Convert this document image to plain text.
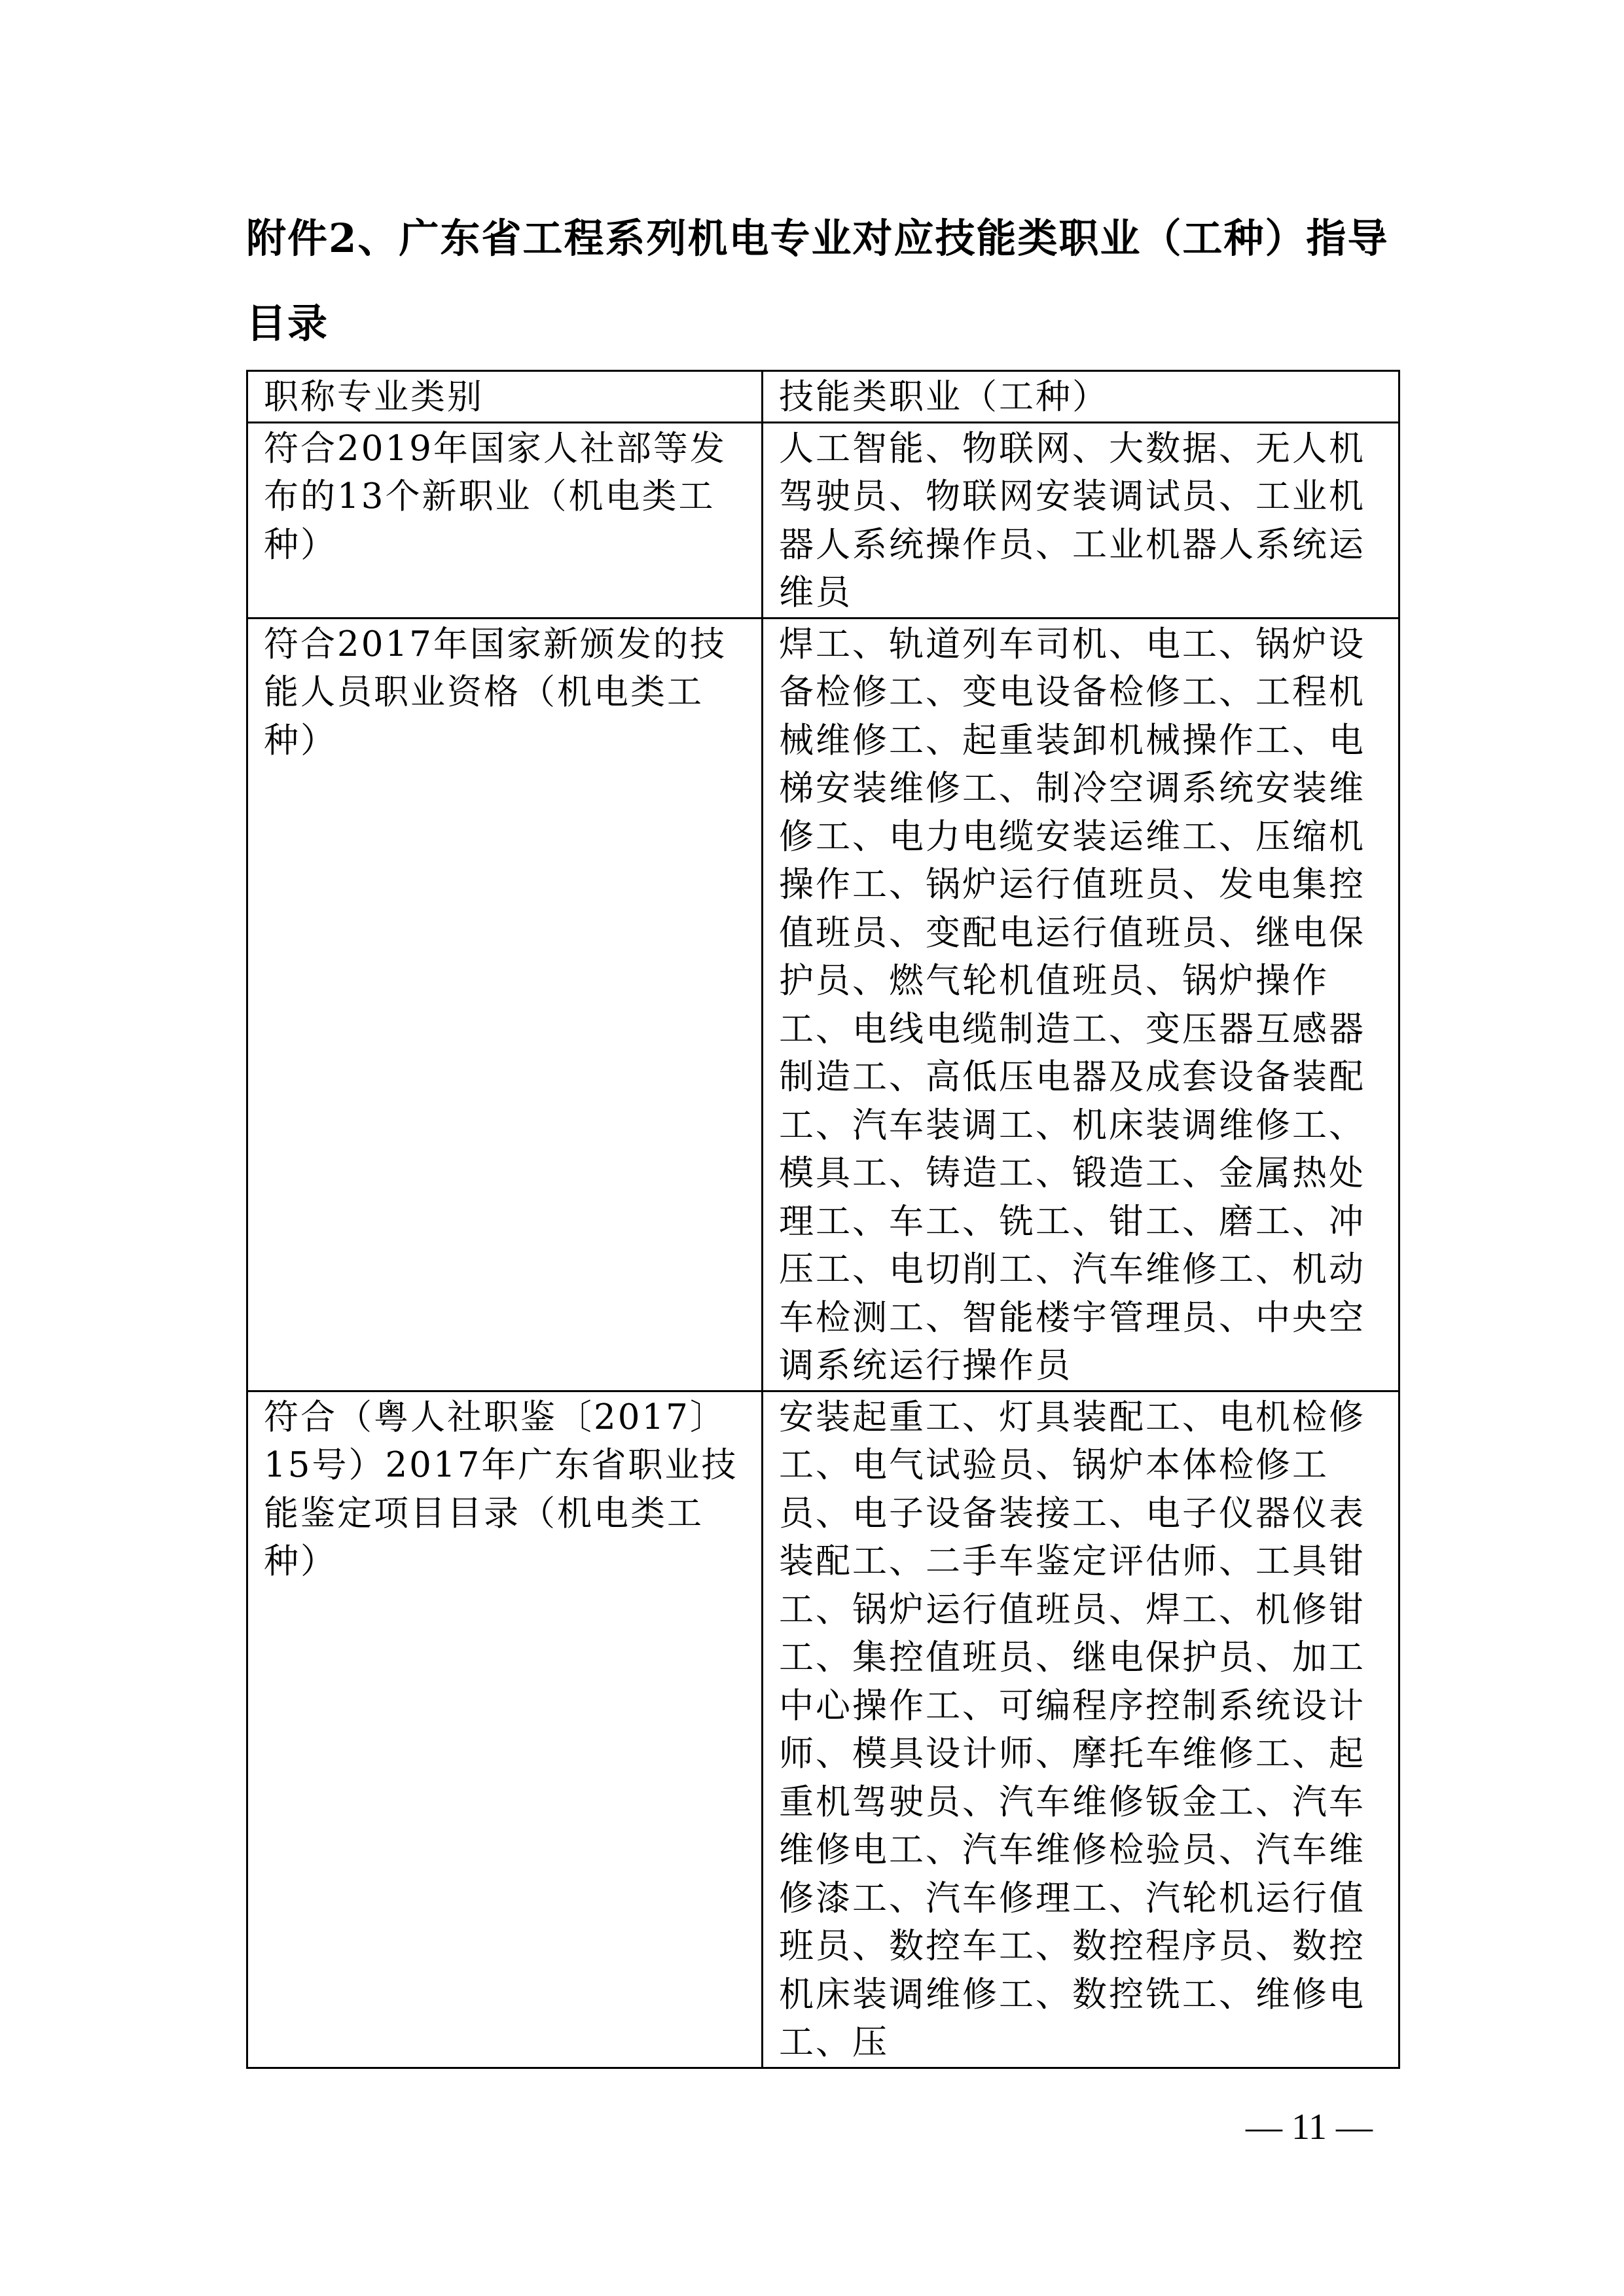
附件2、广东省工程系列机电专业对应技能类职业（工种）指导目录
职称专业类别	技能类职业（工种）
符合2019年国家人社部等发布的13个新职业（机电类工种）	人工智能、物联网、大数据、无人机驾驶员、物联网安装调试员、工业机器人系统操作员、工业机器人系统运维员
符合2017年国家新颁发的技能人员职业资格（机电类工种）	焊工、轨道列车司机、电工、锅炉设备检修工、变电设备检修工、工程机械维修工、起重装卸机械操作工、电梯安装维修工、制冷空调系统安装维修工、电力电缆安装运维工、压缩机操作工、锅炉运行值班员、发电集控值班员、变配电运行值班员、继电保护员、燃气轮机值班员、锅炉操作工、电线电缆制造工、变压器互感器制造工、高低压电器及成套设备装配工、汽车装调工、机床装调维修工、模具工、铸造工、锻造工、金属热处理工、车工、铣工、钳工、磨工、冲压工、电切削工、汽车维修工、机动车检测工、智能楼宇管理员、中央空调系统运行操作员
符合（粤人社职鉴〔2017〕15号）2017年广东省职业技能鉴定项目目录（机电类工种）	安装起重工、灯具装配工、电机检修工、电气试验员、锅炉本体检修工员、电子设备装接工、电子仪器仪表装配工、二手车鉴定评估师、工具钳工、锅炉运行值班员、焊工、机修钳工、集控值班员、继电保护员、加工中心操作工、可编程序控制系统设计师、模具设计师、摩托车维修工、起重机驾驶员、汽车维修钣金工、汽车维修电工、汽车维修检验员、汽车维修漆工、汽车修理工、汽轮机运行值班员、数控车工、数控程序员、数控机床装调维修工、数控铣工、维修电工、压
— 11 —
